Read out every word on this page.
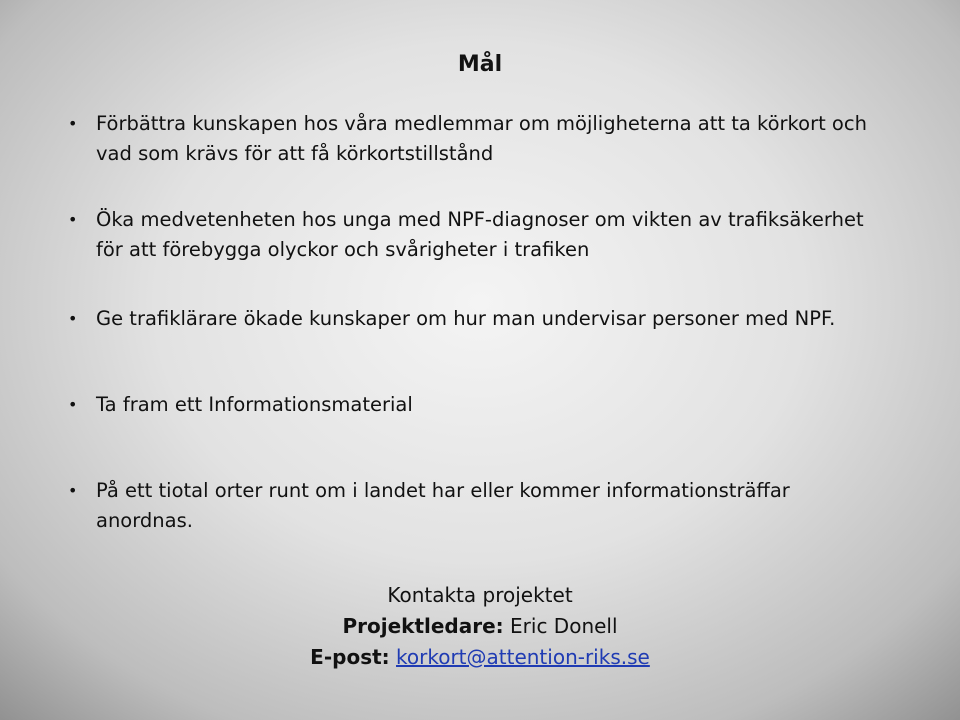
Mål
• Förbättra kunskapen hos våra medlemmar om möjligheterna att ta körkort och vad som krävs för att få körkortstillstånd
• Öka medvetenheten hos unga med NPF-diagnoser om vikten av trafiksäkerhet för att förebygga olyckor och svårigheter i trafiken
• Ge trafiklärare ökade kunskaper om hur man undervisar personer med NPF.
• Ta fram ett Informationsmaterial
• På ett tiotal orter runt om i landet har eller kommer informationsträffar anordnas.
Kontakta projektet
Projektledare: Eric Donell
E-post: korkort@attention-riks.se
